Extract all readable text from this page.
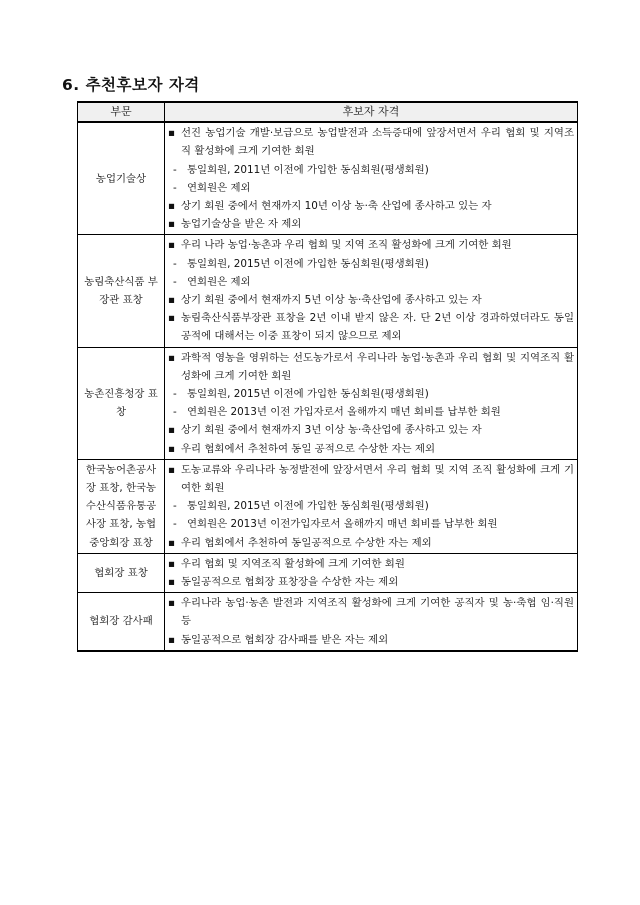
6. 추천후보자 자격
부문	후보자 자격
농업기술상	▪ 선진 농업기술 개발·보급으로 농업발전과 소득증대에 앞장서면서 우리 협회 및 지역조직 활성화에 크게 기여한 회원
- 통일회원, 2011년 이전에 가입한 동심회원(평생회원)
- 연회원은 제외
▪ 상기 회원 중에서 현재까지 10년 이상 농·축 산업에 종사하고 있는 자
▪ 농업기술상을 받은 자 제외

농림축산식품 부장관 표창	▪ 우리 나라 농업·농촌과 우리 협회 및 지역 조직 활성화에 크게 기여한 회원
- 통일회원, 2015년 이전에 가입한 동심회원(평생회원)
- 연회원은 제외
▪ 상기 회원 중에서 현재까지 5년 이상 농·축산업에 종사하고 있는 자
▪ 농림축산식품부장관 표창을 2년 이내 받지 않은 자. 단 2년 이상 경과하였더라도 동일공적에 대해서는 이중 표창이 되지 않으므로 제외

농촌진흥청장 표창	▪ 과학적 영농을 영위하는 선도농가로서 우리나라 농업·농촌과 우리 협회 및 지역조직 활성화에 크게 기여한 회원
- 통일회원, 2015년 이전에 가입한 동심회원(평생회원)
- 연회원은 2013년 이전 가입자로서 올해까지 매년 회비를 납부한 회원
▪ 상기 회원 중에서 현재까지 3년 이상 농·축산업에 종사하고 있는 자
▪ 우리 협회에서 추천하여 동일 공적으로 수상한 자는 제외

한국농어촌공사장 표창, 한국농수산식품유통공사장 표창, 농협중앙회장 표창	▪ 도농교류와 우리나라 농정발전에 앞장서면서 우리 협회 및 지역 조직 활성화에 크게 기여한 회원
- 통일회원, 2015년 이전에 가입한 동심회원(평생회원)
- 연회원은 2013년 이전가입자로서 올해까지 매년 회비를 납부한 회원
▪ 우리 협회에서 추천하여 동일공적으로 수상한 자는 제외

협회장 표창	▪ 우리 협회 및 지역조직 활성화에 크게 기여한 회원
▪ 동일공적으로 협회장 표창장을 수상한 자는 제외

협회장 감사패	▪ 우리나라 농업·농촌 발전과 지역조직 활성화에 크게 기여한 공직자 및 농·축협 임·직원 등
▪ 동일공적으로 협회장 감사패를 받은 자는 제외
